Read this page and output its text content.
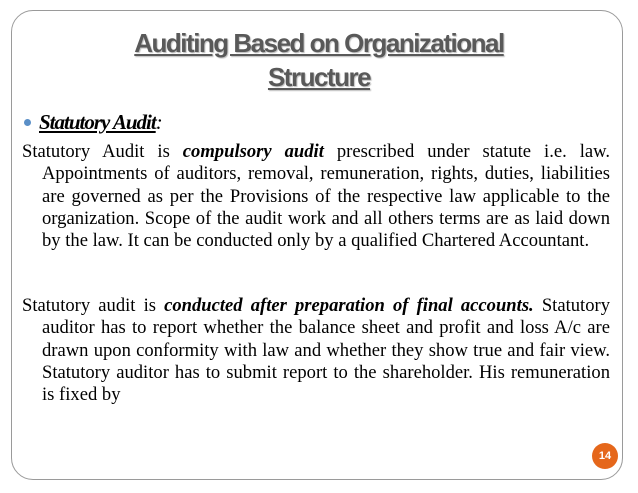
Auditing Based on Organizational
Structure
Statutory Audit:
Statutory Audit is compulsory audit prescribed under statute i.e. law. Appointments of auditors, removal, remuneration, rights, duties, liabilities are governed as per the Provisions of the respective law applicable to the organization. Scope of the audit work and all others terms are as laid down by the law. It can be conducted only by a qualified Chartered Accountant.
Statutory audit is conducted after preparation of final accounts. Statutory auditor has to report whether the balance sheet and profit and loss A/c are drawn upon conformity with law and whether they show true and fair view. Statutory auditor has to submit report to the shareholder. His remuneration is fixed by
14
